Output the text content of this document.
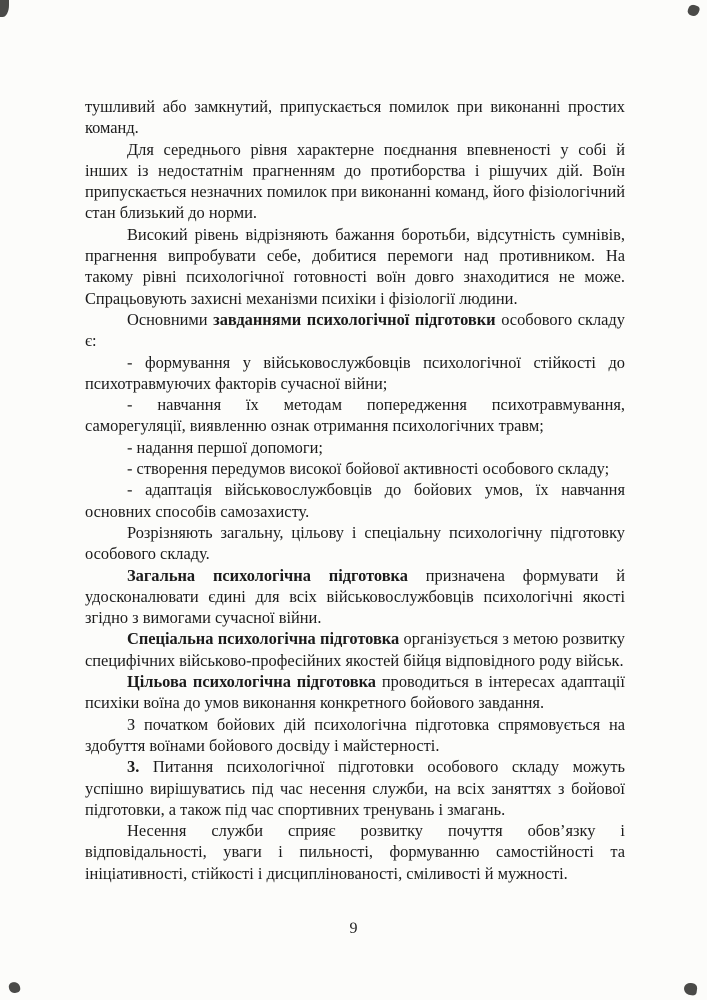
тушливий або замкнутий, припускається помилок при виконанні простих команд.

Для середнього рівня характерне поєднання впевненості у собі й інших із недостатнім прагненням до протиборства і рішучих дій. Воїн припускається незначних помилок при виконанні команд, його фізіологічний стан близький до норми.

Високий рівень відрізняють бажання боротьби, відсутність сумнівів, прагнення випробувати себе, добитися перемоги над противником. На такому рівні психологічної готовності воїн довго знаходитися не може. Спрацьовують захисні механізми психіки і фізіології людини.

Основними завданнями психологічної підготовки особового складу є:

- формування у військовослужбовців психологічної стійкості до психотравмуючих факторів сучасної війни;

- навчання їх методам попередження психотравмування, саморегуляції, виявленню ознак отримання психологічних травм;

- надання першої допомоги;

- створення передумов високої бойової активності особового складу;

- адаптація військовослужбовців до бойових умов, їх навчання основних способів самозахисту.

Розрізняють загальну, цільову і спеціальну психологічну підготовку особового складу.

Загальна психологічна підготовка призначена формувати й удосконалювати єдині для всіх військовослужбовців психологічні якості згідно з вимогами сучасної війни.

Спеціальна психологічна підготовка організується з метою розвитку специфічних військово-професійних якостей бійця відповідного роду військ.

Цільова психологічна підготовка проводиться в інтересах адаптації психіки воїна до умов виконання конкретного бойового завдання.

З початком бойових дій психологічна підготовка спрямовується на здобуття воїнами бойового досвіду і майстерності.

3. Питання психологічної підготовки особового складу можуть успішно вирішуватись під час несення служби, на всіх заняттях з бойової підготовки, а також під час спортивних тренувань і змагань.

Несення служби сприяє розвитку почуття обов’язку і відповідальності, уваги і пильності, формуванню самостійності та ініціативності, стійкості і дисциплінованості, сміливості й мужності.

9
